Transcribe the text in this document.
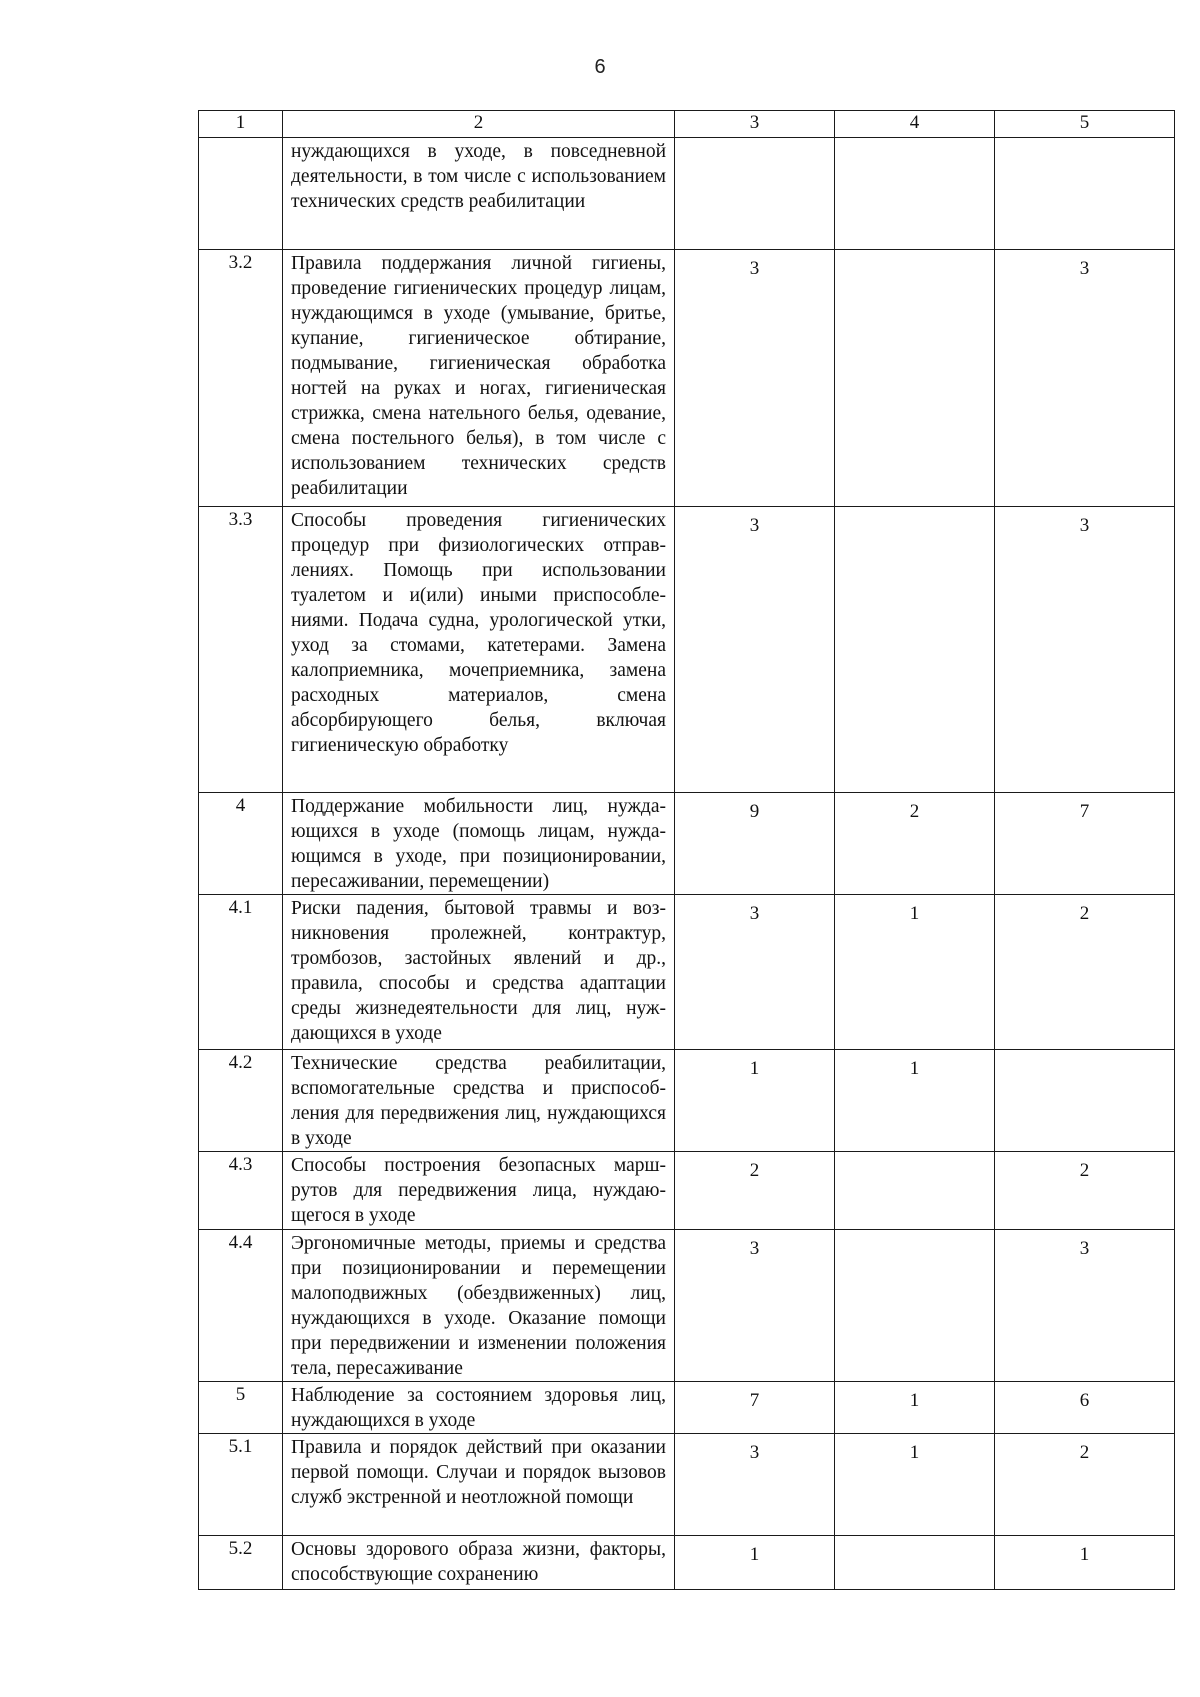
6
1	2	3	4	5
	нуждающихся в уходе, в повседневной деятельности, в том числе с использованием технических средств реабилитации			
3.2	Правила поддержания личной гигиены, проведение гигиенических процедур лицам, нуждающимся в уходе (умывание, бритье, купание, гигиеническое обтирание, подмывание, гигиеническая обработка ногтей на руках и ногах, гигиеническая стрижка, смена нательного белья, одевание, смена постельного белья), в том числе с использованием технических средств реабилитации	3		3
3.3	Способы проведения гигиенических процедур при физиологических отправлениях. Помощь при использовании туалетом и и(или) иными приспособлениями. Подача судна, урологической утки, уход за стомами, катетерами. Замена калоприемника, мочеприемника, замена расходных материалов, смена абсорбирующего белья, включая гигиеническую обработку	3		3
4	Поддержание мобильности лиц, нуждающихся в уходе (помощь лицам, нуждающимся в уходе, при позиционировании, пересаживании, перемещении)	9	2	7
4.1	Риски падения, бытовой травмы и возникновения пролежней, контрактур, тромбозов, застойных явлений и др., правила, способы и средства адаптации среды жизнедеятельности для лиц, нуждающихся в уходе	3	1	2
4.2	Технические средства реабилитации, вспомогательные средства и приспособления для передвижения лиц, нуждающихся в уходе	1	1	
4.3	Способы построения безопасных маршрутов для передвижения лица, нуждающегося в уходе	2		2
4.4	Эргономичные методы, приемы и средства при позиционировании и перемещении малоподвижных (обездвиженных) лиц, нуждающихся в уходе. Оказание помощи при передвижении и изменении положения тела, пересаживание	3		3
5	Наблюдение за состоянием здоровья лиц, нуждающихся в уходе	7	1	6
5.1	Правила и порядок действий при оказании первой помощи. Случаи и порядок вызовов служб экстренной и неотложной помощи	3	1	2
5.2	Основы здорового образа жизни, факторы, способствующие сохранению	1		1
